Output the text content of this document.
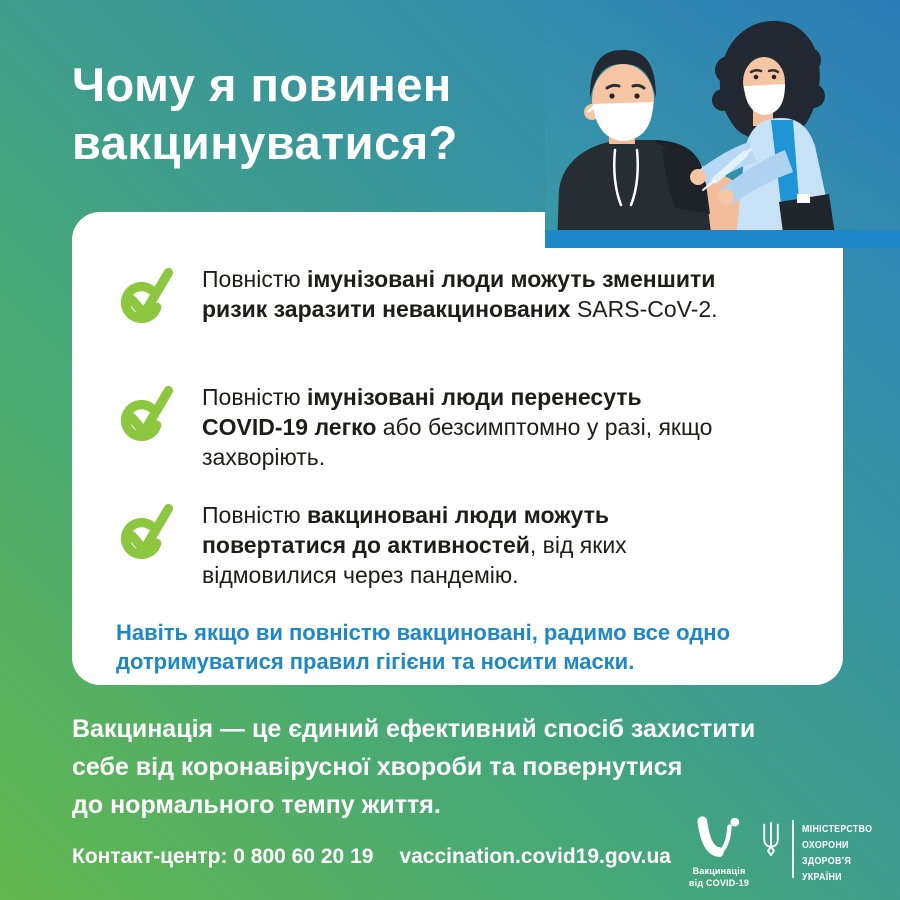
Чому я повинен
вакцинуватися?

Повністю імунізовані люди можуть зменшити ризик заразити невакцинованих SARS-CoV-2.

Повністю імунізовані люди перенесуть COVID-19 легко або безсимптомно у разі, якщо захворіють.

Повністю вакциновані люди можуть повертатися до активностей, від яких відмовилися через пандемію.

Навіть якщо ви повністю вакциновані, радимо все одно дотримуватися правил гігієни та носити маски.

Вакцинація — це єдиний ефективний спосіб захистити
себе від коронавірусної хвороби та повернутися
до нормального темпу життя.
Контакт-центр: 0 800 60 20 19 vaccination.covid19.gov.ua
Вакцинація
від COVID-19
МІНІСТЕРСТВО
ОХОРОНИ
ЗДОРОВ’Я
УКРАЇНИ
